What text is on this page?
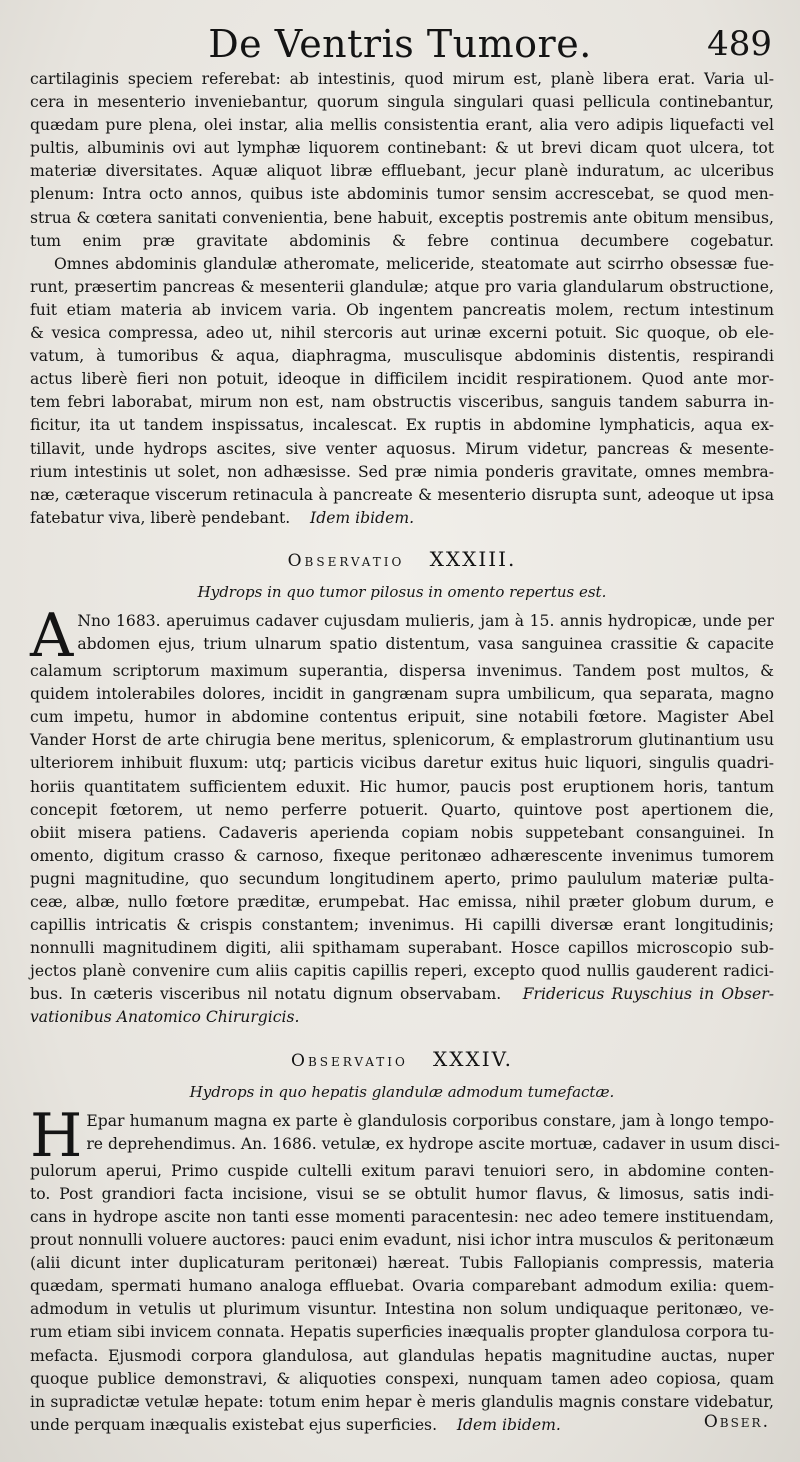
De Ventris Tumore.	489
cartilaginis speciem referebat: ab intestinis, quod mirum est, planè libera erat. Varia ul-
cera in mesenterio inveniebantur, quorum singula singulari quasi pellicula continebantur,
quædam pure plena, olei instar, alia mellis consistentia erant, alia vero adipis liquefacti vel
pultis, albuminis ovi aut lymphæ liquorem continebant: & ut brevi dicam quot ulcera, tot
materiæ diversitates. Aquæ aliquot libræ effluebant, jecur planè induratum, ac ulceribus
plenum: Intra octo annos, quibus iste abdominis tumor sensim accrescebat, se quod men-
strua & cœtera sanitati convenientia, bene habuit, exceptis postremis ante obitum mensibus,
tum enim præ gravitate abdominis & febre continua decumbere cogebatur.
Omnes abdominis glandulæ atheromate, meliceride, steatomate aut scirrho obsessæ fue-
runt, præsertim pancreas & mesenterii glandulæ; atque pro varia glandularum obstructione,
fuit etiam materia ab invicem varia. Ob ingentem pancreatis molem, rectum intestinum
& vesica compressa, adeo ut, nihil stercoris aut urinæ excerni potuit. Sic quoque, ob ele-
vatum, à tumoribus & aqua, diaphragma, musculisque abdominis distentis, respirandi
actus liberè fieri non potuit, ideoque in difficilem incidit respirationem. Quod ante mor-
tem febri laborabat, mirum non est, nam obstructis visceribus, sanguis tandem saburra in-
ficitur, ita ut tandem inspissatus, incalescat. Ex ruptis in abdomine lymphaticis, aqua ex-
tillavit, unde hydrops ascites, sive venter aquosus. Mirum videtur, pancreas & mesente-
rium intestinis ut solet, non adhæsisse. Sed præ nimia ponderis gravitate, omnes membra-
næ, cæteraque viscerum retinacula à pancreate & mesenterio disrupta sunt, adeoque ut ipsa
fatebatur viva, liberè pendebant. Idem ibidem.
Observatio XXXIII.
Hydrops in quo tumor pilosus in omento repertus est.
A Nno 1683. aperuimus cadaver cujusdam mulieris, jam à 15. annis hydropicæ, unde per
abdomen ejus, trium ulnarum spatio distentum, vasa sanguinea crassitie & capacite
calamum scriptorum maximum superantia, dispersa invenimus. Tandem post multos, &
quidem intolerabiles dolores, incidit in gangrænam supra umbilicum, qua separata, magno
cum impetu, humor in abdomine contentus eripuit, sine notabili fœtore. Magister Abel
Vander Horst de arte chirugia bene meritus, splenicorum, & emplastrorum glutinantium usu
ulteriorem inhibuit fluxum: utq; particis vicibus daretur exitus huic liquori, singulis quadri-
horiis quantitatem sufficientem eduxit. Hic humor, paucis post eruptionem horis, tantum
concepit fœtorem, ut nemo perferre potuerit. Quarto, quintove post apertionem die,
obiit misera patiens. Cadaveris aperienda copiam nobis suppetebant consanguinei. In
omento, digitum crasso & carnoso, fixeque peritonæo adhærescente invenimus tumorem
pugni magnitudine, quo secundum longitudinem aperto, primo paululum materiæ pulta-
ceæ, albæ, nullo fœtore præditæ, erumpebat. Hac emissa, nihil præter globum durum, e
capillis intricatis & crispis constantem; invenimus. Hi capilli diversæ erant longitudinis;
nonnulli magnitudinem digiti, alii spithamam superabant. Hosce capillos microscopio sub-
jectos planè convenire cum aliis capitis capillis reperi, excepto quod nullis gauderent radici-
bus. In cæteris visceribus nil notatu dignum observabam. Fridericus Ruyschius in Obser-
vationibus Anatomico Chirurgicis.
Observatio XXXIV.
Hydrops in quo hepatis glandulæ admodum tumefactæ.
H Epar humanum magna ex parte è glandulosis corporibus constare, jam à longo tempo-
re deprehendimus. An. 1686. vetulæ, ex hydrope ascite mortuæ, cadaver in usum disci-
pulorum aperui, Primo cuspide cultelli exitum paravi tenuiori sero, in abdomine conten-
to. Post grandiori facta incisione, visui se se obtulit humor flavus, & limosus, satis indi-
cans in hydrope ascite non tanti esse momenti paracentesin: nec adeo temere instituendam,
prout nonnulli voluere auctores: pauci enim evadunt, nisi ichor intra musculos & peritonæum
(alii dicunt inter duplicaturam peritonæi) hæreat. Tubis Fallopianis compressis, materia
quædam, spermati humano analoga effluebat. Ovaria comparebant admodum exilia: quem-
admodum in vetulis ut plurimum visuntur. Intestina non solum undiquaque peritonæo, ve-
rum etiam sibi invicem connata. Hepatis superficies inæqualis propter glandulosa corpora tu-
mefacta. Ejusmodi corpora glandulosa, aut glandulas hepatis magnitudine auctas, nuper
quoque publice demonstravi, & aliquoties conspexi, nunquam tamen adeo copiosa, quam
in supradictæ vetulæ hepate: totum enim hepar è meris glandulis magnis constare videbatur,
unde perquam inæqualis existebat ejus superficies. Idem ibidem.
	Obser.
